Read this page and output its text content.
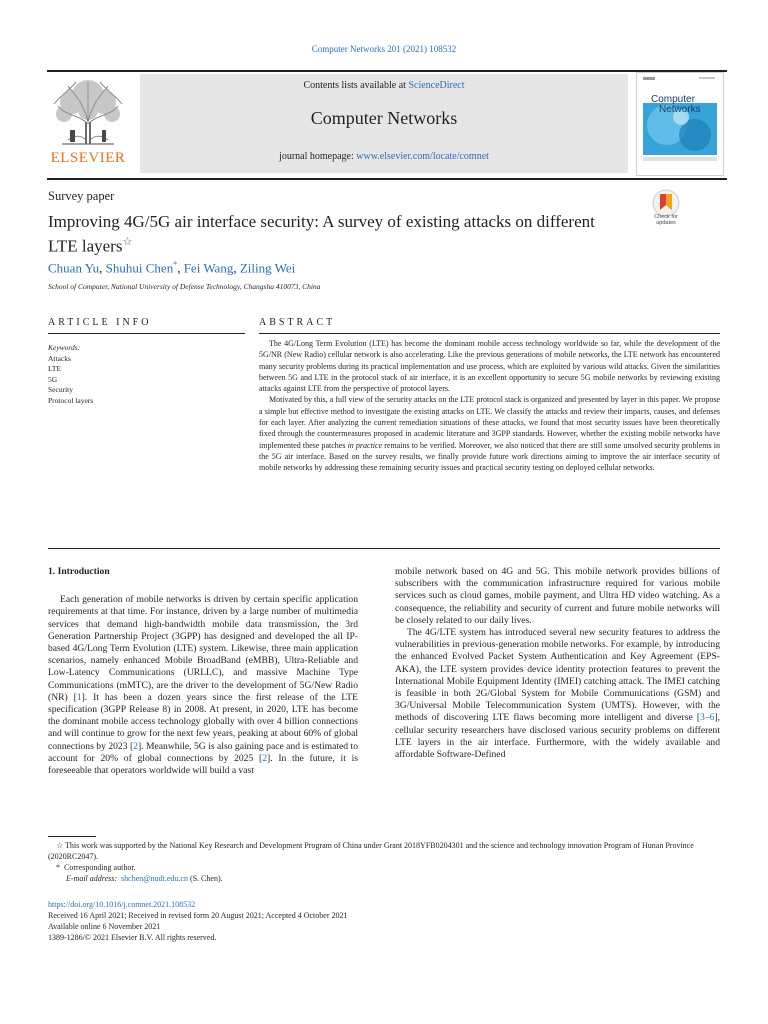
Computer Networks 201 (2021) 108532
Contents lists available at ScienceDirect
Computer Networks
journal homepage: www.elsevier.com/locate/comnet
ELSEVIER
Computer
Networks
Survey paper
Improving 4G/5G air interface security: A survey of existing attacks on different LTE layers☆
Check for
updates
Chuan Yu, Shuhui Chen*, Fei Wang, Ziling Wei
School of Computer, National University of Defense Technology, Changsha 410073, China
ARTICLE INFO	ABSTRACT
Keywords:
Attacks
LTE
5G
Security
Protocol layers

The 4G/Long Term Evolution (LTE) has become the dominant mobile access technology worldwide so far, while the development of the 5G/NR (New Radio) cellular network is also accelerating. Like the previous generations of mobile networks, the LTE network has encountered many security problems during its practical implementation and use process, which are exploited by various wild attacks. Given the similarities between 5G and LTE in the protocol stack of air interface, it is an excellent opportunity to secure 5G mobile networks by reviewing existing attacks against LTE from the perspective of protocol layers.

Motivated by this, a full view of the security attacks on the LTE protocol stack is organized and presented by layer in this paper. We propose a simple but effective method to investigate the existing attacks on LTE. We classify the attacks and review their impacts, causes, and defenses for each layer. After analyzing the current remediation situations of these attacks, we found that most security issues have been theoretically fixed through the countermeasures proposed in academic literature and 3GPP standards. However, whether the existing mobile networks have implemented these patches in practice remains to be verified. Moreover, we also noticed that there are still some unsolved security problems in the 5G air interface. Based on the survey results, we finally provide future work directions aiming to improve the air interface security of mobile networks by addressing these remaining security issues and practical security testing on deployed cellular networks.

1. Introduction

Each generation of mobile networks is driven by certain specific application requirements at that time. For instance, driven by a large number of multimedia services that demand high-bandwidth mobile data transmission, the 3rd Generation Partnership Project (3GPP) has designed and developed the all IP-based 4G/Long Term Evolution (LTE) system. Likewise, three main application scenarios, namely enhanced Mobile BroadBand (eMBB), Ultra-Reliable and Low-Latency Communications (URLLC), and massive Machine Type Communications (mMTC), are the driver to the development of 5G/New Radio (NR) [1]. It has been a dozen years since the first release of the LTE specification (3GPP Release 8) in 2008. At present, in 2020, LTE has become the dominant mobile access technology globally with over 4 billion connections and will continue to grow for the next few years, peaking at about 60% of global connections by 2023 [2]. Meanwhile, 5G is also gaining pace and is estimated to account for 20% of global connections by 2025 [2]. In the future, it is foreseeable that operators worldwide will build a vast

mobile network based on 4G and 5G. This mobile network provides billions of subscribers with the communication infrastructure required for various mobile services such as cloud games, mobile payment, and Ultra HD video watching. As a consequence, the reliability and security of current and future mobile networks will be closely related to our daily lives.

The 4G/LTE system has introduced several new security features to address the vulnerabilities in previous-generation mobile networks. For example, by introducing the enhanced Evolved Packet System Authentication and Key Agreement (EPS-AKA), the LTE system provides device identity protection features to prevent the International Mobile Equipment Identity (IMEI) catching attack. The IMEI catching is feasible in both 2G/Global System for Mobile Communications (GSM) and 3G/Universal Mobile Telecommunication System (UMTS). However, with the methods of discovering LTE flaws becoming more intelligent and diverse [3–6], cellular security researchers have disclosed various security problems on different LTE layers in the air interface. Furthermore, with the widely available and affordable Software-Defined

☆ This work was supported by the National Key Research and Development Program of China under Grant 2018YFB0204301 and the science and technology innovation Program of Hunan Province (2020RC2047).

* Corresponding author.

E-mail address: shchen@nudt.edu.cn (S. Chen).

https://doi.org/10.1016/j.comnet.2021.108532

Received 16 April 2021; Received in revised form 20 August 2021; Accepted 4 October 2021

Available online 6 November 2021

1389-1286/© 2021 Elsevier B.V. All rights reserved.
